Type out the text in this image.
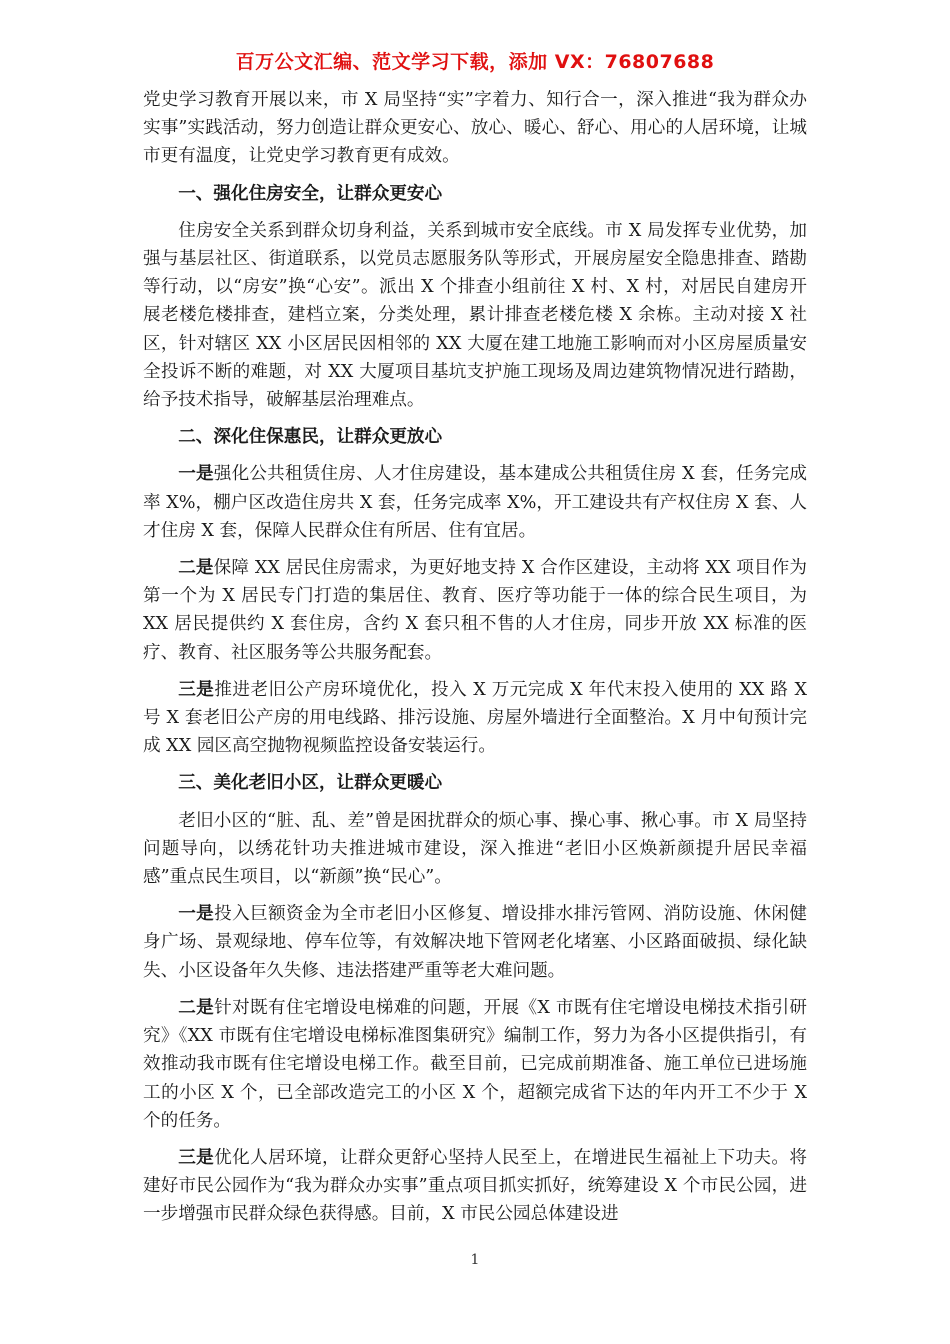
百万公文汇编、范文学习下载，添加 VX：76807688

党史学习教育开展以来，市 X 局坚持“实”字着力、知行合一，深入推进“我为群众办实事”实践活动，努力创造让群众更安心、放心、暖心、舒心、用心的人居环境，让城市更有温度，让党史学习教育更有成效。

一、强化住房安全，让群众更安心

住房安全关系到群众切身利益，关系到城市安全底线。市 X 局发挥专业优势，加强与基层社区、街道联系，以党员志愿服务队等形式，开展房屋安全隐患排查、踏勘等行动，以“房安”换“心安”。派出 X 个排查小组前往 X 村、X 村，对居民自建房开展老楼危楼排查，建档立案，分类处理，累计排查老楼危楼 X 余栋。主动对接 X 社区，针对辖区 XX 小区居民因相邻的 XX 大厦在建工地施工影响而对小区房屋质量安全投诉不断的难题，对 XX 大厦项目基坑支护施工现场及周边建筑物情况进行踏勘，给予技术指导，破解基层治理难点。

二、深化住保惠民，让群众更放心

一是强化公共租赁住房、人才住房建设，基本建成公共租赁住房 X 套，任务完成率 X%，棚户区改造住房共 X 套，任务完成率 X%，开工建设共有产权住房 X 套、人才住房 X 套，保障人民群众住有所居、住有宜居。

二是保障 XX 居民住房需求，为更好地支持 X 合作区建设，主动将 XX 项目作为第一个为 X 居民专门打造的集居住、教育、医疗等功能于一体的综合民生项目，为 XX 居民提供约 X 套住房，含约 X 套只租不售的人才住房，同步开放 XX 标准的医疗、教育、社区服务等公共服务配套。

三是推进老旧公产房环境优化，投入 X 万元完成 X 年代末投入使用的 XX 路 X 号 X 套老旧公产房的用电线路、排污设施、房屋外墙进行全面整治。X 月中旬预计完成 XX 园区高空抛物视频监控设备安装运行。

三、美化老旧小区，让群众更暖心

老旧小区的“脏、乱、差”曾是困扰群众的烦心事、操心事、揪心事。市 X 局坚持问题导向，以绣花针功夫推进城市建设，深入推进“老旧小区焕新颜提升居民幸福感”重点民生项目，以“新颜”换“民心”。

一是投入巨额资金为全市老旧小区修复、增设排水排污管网、消防设施、休闲健身广场、景观绿地、停车位等，有效解决地下管网老化堵塞、小区路面破损、绿化缺失、小区设备年久失修、违法搭建严重等老大难问题。

二是针对既有住宅增设电梯难的问题，开展《X 市既有住宅增设电梯技术指引研究》《XX 市既有住宅增设电梯标准图集研究》编制工作，努力为各小区提供指引，有效推动我市既有住宅增设电梯工作。截至目前，已完成前期准备、施工单位已进场施工的小区 X 个，已全部改造完工的小区 X 个，超额完成省下达的年内开工不少于 X 个的任务。

三是优化人居环境，让群众更舒心坚持人民至上，在增进民生福祉上下功夫。将建好市民公园作为“我为群众办实事”重点项目抓实抓好，统筹建设 X 个市民公园，进一步增强市民群众绿色获得感。目前，X 市民公园总体建设进

1
